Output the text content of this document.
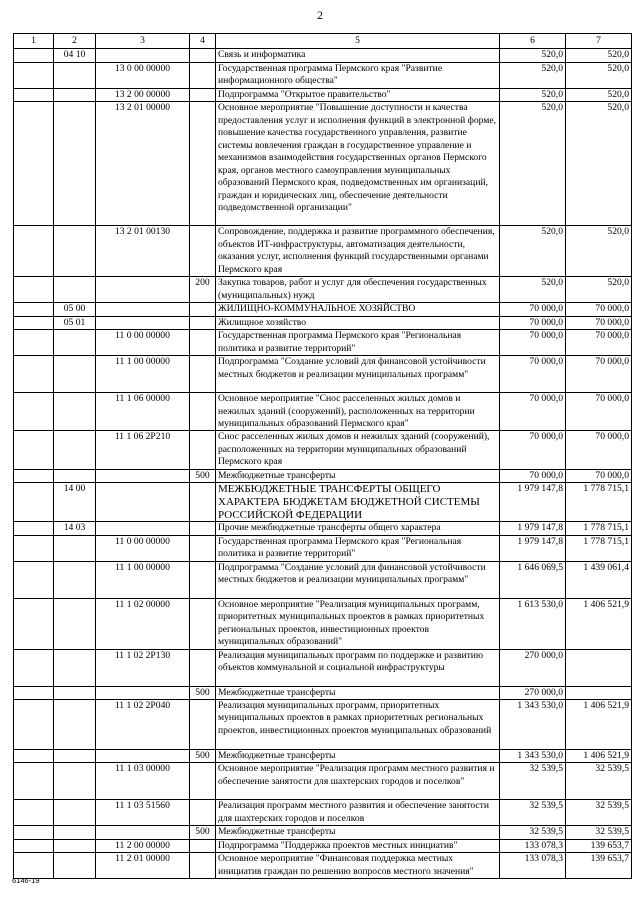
2
1	2	3	4	5	6	7
	04 10			Связь и информатика	520,0	520,0
		13 0 00 00000		Государственная программа Пермского края "Развитие информационного общества"	520,0	520,0
		13 2 00 00000		Подпрограмма "Открытое правительство"	520,0	520,0
		13 2 01 00000		Основное мероприятие "Повышение доступности и качества предоставления услуг и исполнения функций в электронной форме, повышение качества государственного управления, развитие системы вовлечения граждан в государственное управление и механизмов взаимодействия государственных органов Пермского края, органов местного самоуправления муниципальных образований Пермского края, подведомственных им организаций, граждан и юридических лиц, обеспечение деятельности подведомственной организации"	520,0	520,0
		13 2 01 00130		Сопровождение, поддержка и развитие программного обеспечения, объектов ИТ-инфраструктуры, автоматизация деятельности, оказания услуг, исполнения функций государственными органами Пермского края	520,0	520,0
			200	Закупка товаров, работ и услуг для обеспечения государственных (муниципальных) нужд	520,0	520,0
	05 00			ЖИЛИЩНО-КОММУНАЛЬНОЕ ХОЗЯЙСТВО	70 000,0	70 000,0
	05 01			Жилищное хозяйство	70 000,0	70 000,0
		11 0 00 00000		Государственная программа Пермского края "Региональная политика и развитие территорий"	70 000,0	70 000,0
		11 1 00 00000		Подпрограмма "Создание условий для финансовой устойчивости местных бюджетов и реализации муниципальных программ"	70 000,0	70 000,0
		11 1 06 00000		Основное мероприятие "Снос расселенных жилых домов и нежилых зданий (сооружений), расположенных на территории муниципальных образований Пермского края"	70 000,0	70 000,0
		11 1 06 2Р210		Снос расселенных жилых домов и нежилых зданий (сооружений), расположенных на территории муниципальных образований Пермского края	70 000,0	70 000,0
			500	Межбюджетные трансферты	70 000,0	70 000,0
	14 00			МЕЖБЮДЖЕТНЫЕ ТРАНСФЕРТЫ ОБЩЕГО ХАРАКТЕРА БЮДЖЕТАМ БЮДЖЕТНОЙ СИСТЕМЫ РОССИЙСКОЙ ФЕДЕРАЦИИ	1 979 147,8	1 778 715,1
	14 03			Прочие межбюджетные трансферты общего характера	1 979 147,8	1 778 715,1
		11 0 00 00000		Государственная программа Пермского края "Региональная политика и развитие территорий"	1 979 147,8	1 778 715,1
		11 1 00 00000		Подпрограмма "Создание условий для финансовой устойчивости местных бюджетов и реализации муниципальных программ"	1 646 069,5	1 439 061,4
		11 1 02 00000		Основное мероприятие "Реализация муниципальных программ, приоритетных муниципальных проектов в рамках приоритетных региональных проектов, инвестиционных проектов муниципальных образований"	1 613 530,0	1 406 521,9
		11 1 02 2Р130		Реализация муниципальных программ по поддержке и развитию объектов коммунальной и социальной инфраструктуры	270 000,0	
			500	Межбюджетные трансферты	270 000,0	
		11 1 02 2Р040		Реализация муниципальных программ, приоритетных муниципальных проектов в рамках приоритетных региональных проектов, инвестиционных проектов муниципальных образований	1 343 530,0	1 406 521,9
			500	Межбюджетные трансферты	1 343 530,0	1 406 521,9
		11 1 03 00000		Основное мероприятие "Реализация программ местного развития и обеспечение занятости для шахтерских городов и поселков"	32 539,5	32 539,5
		11 1 03 51560		Реализация программ местного развития и обеспечение занятости для шахтерских городов и поселков	32 539,5	32 539,5
			500	Межбюджетные трансферты	32 539,5	32 539,5
		11 2 00 00000		Подпрограмма "Поддержка проектов местных инициатив"	133 078,3	139 653,7
		11 2 01 00000		Основное мероприятие "Финансовая поддержка местных инициатив граждан по решению вопросов местного значения"	133 078,3	139 653,7
6146-19
